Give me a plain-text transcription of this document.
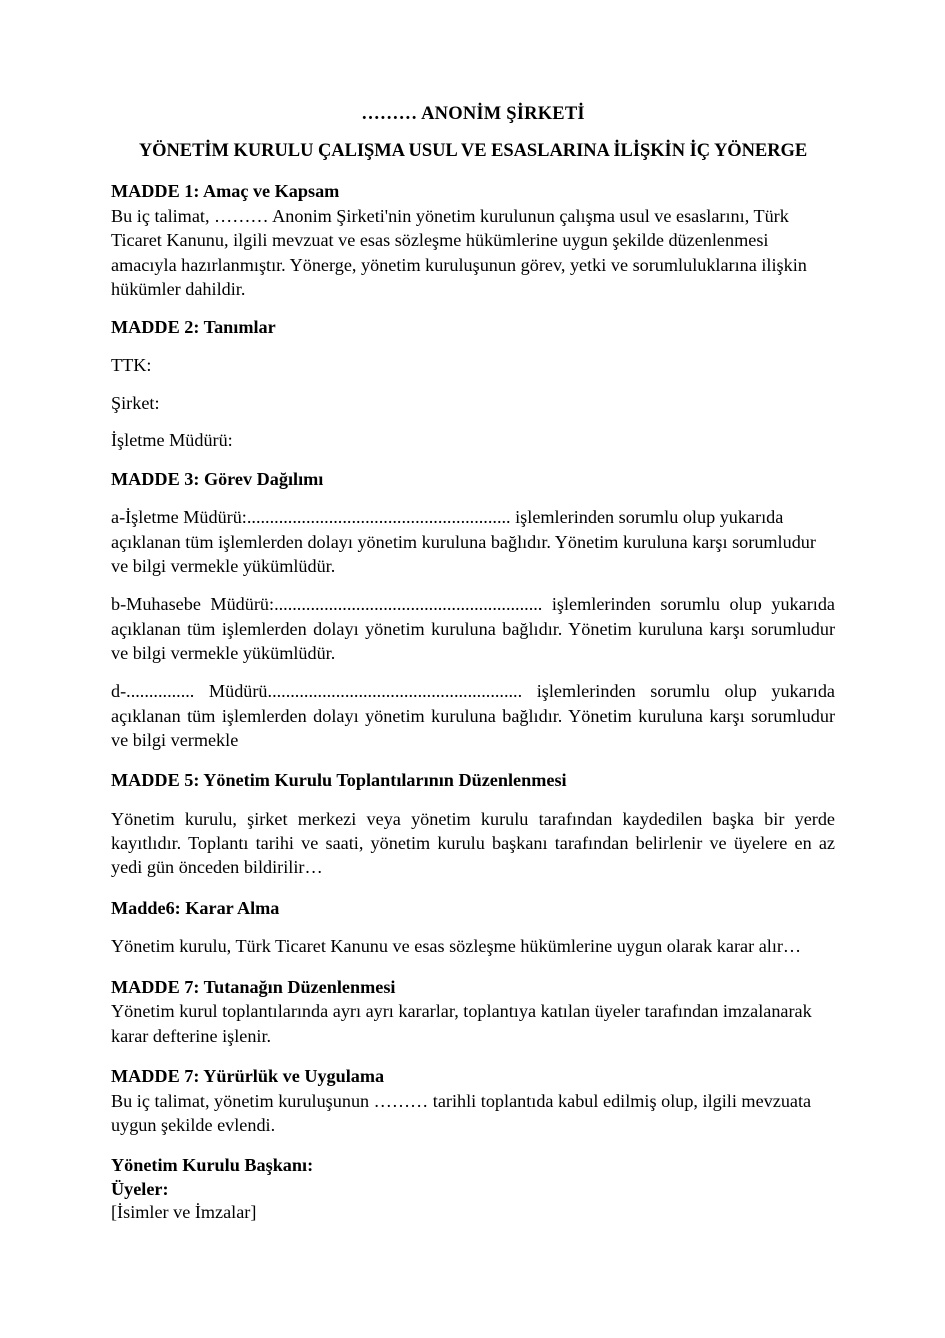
……… ANONİM ŞİRKETİ
YÖNETİM KURULU ÇALIŞMA USUL VE ESASLARINA İLİŞKİN İÇ YÖNERGE

MADDE 1: Amaç ve Kapsam

Bu iç talimat, ……… Anonim Şirketi'nin yönetim kurulunun çalışma usul ve esaslarını, Türk Ticaret Kanunu, ilgili mevzuat ve esas sözleşme hükümlerine uygun şekilde düzenlenmesi amacıyla hazırlanmıştır. Yönerge, yönetim kuruluşunun görev, yetki ve sorumluluklarına ilişkin hükümler dahildir.

MADDE 2: Tanımlar

TTK:

Şirket:

İşletme Müdürü:

MADDE 3: Görev Dağılımı

a-İşletme Müdürü:.......................................................... işlemlerinden sorumlu olup yukarıda açıklanan tüm işlemlerden dolayı yönetim kuruluna bağlıdır. Yönetim kuruluna karşı sorumludur ve bilgi vermekle yükümlüdür.

b-Muhasebe Müdürü:........................................................... işlemlerinden sorumlu olup yukarıda açıklanan tüm işlemlerden dolayı yönetim kuruluna bağlıdır. Yönetim kuruluna karşı sorumludur ve bilgi vermekle yükümlüdür.

d-............... Müdürü........................................................ işlemlerinden sorumlu olup yukarıda açıklanan tüm işlemlerden dolayı yönetim kuruluna bağlıdır. Yönetim kuruluna karşı sorumludur ve bilgi vermekle

MADDE 5: Yönetim Kurulu Toplantılarının Düzenlenmesi

Yönetim kurulu, şirket merkezi veya yönetim kurulu tarafından kaydedilen başka bir yerde kayıtlıdır. Toplantı tarihi ve saati, yönetim kurulu başkanı tarafından belirlenir ve üyelere en az yedi gün önceden bildirilir…

Madde6: Karar Alma

Yönetim kurulu, Türk Ticaret Kanunu ve esas sözleşme hükümlerine uygun olarak karar alır…

MADDE 7: Tutanağın Düzenlenmesi

Yönetim kurul toplantılarında ayrı ayrı kararlar, toplantıya katılan üyeler tarafından imzalanarak karar defterine işlenir.

MADDE 7: Yürürlük ve Uygulama

Bu iç talimat, yönetim kuruluşunun ……… tarihli toplantıda kabul edilmiş olup, ilgili mevzuata uygun şekilde evlendi.

Yönetim Kurulu Başkanı:

Üyeler:

[İsimler ve İmzalar]
